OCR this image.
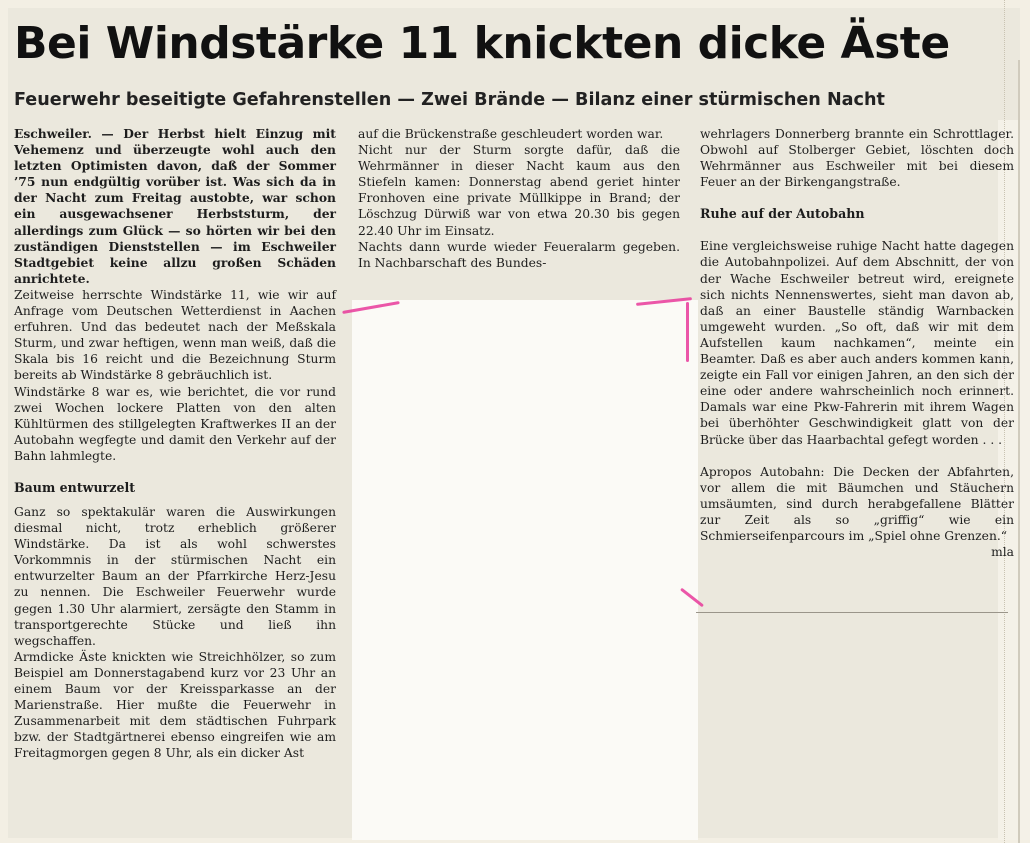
Bei Windstärke 11 knickten dicke Äste
Feuerwehr beseitigte Gefahrenstellen — Zwei Brände — Bilanz einer stürmischen Nacht

Eschweiler. — Der Herbst hielt Einzug mit Vehemenz und überzeugte wohl auch den letzten Optimisten davon, daß der Sommer ’75 nun endgültig vorüber ist. Was sich da in der Nacht zum Freitag austobte, war schon ein ausgewachsener Herbststurm, der allerdings zum Glück — so hörten wir bei den zuständigen Dienststellen — im Eschweiler Stadtgebiet keine allzu großen Schäden anrichtete.

Zeitweise herrschte Windstärke 11, wie wir auf Anfrage vom Deutschen Wetterdienst in Aachen erfuhren. Und das bedeutet nach der Meßskala Sturm, und zwar heftigen, wenn man weiß, daß die Skala bis 16 reicht und die Bezeichnung Sturm bereits ab Windstärke 8 gebräuchlich ist.

Windstärke 8 war es, wie berichtet, die vor rund zwei Wochen lockere Platten von den alten Kühltürmen des stillgelegten Kraftwerkes II an der Autobahn wegfegte und damit den Verkehr auf der Bahn lahmlegte.

Baum entwurzelt

Ganz so spektakulär waren die Auswirkungen diesmal nicht, trotz erheblich größerer Windstärke. Da ist als wohl schwerstes Vorkommnis in der stürmischen Nacht ein entwurzelter Baum an der Pfarrkirche Herz-Jesu zu nennen. Die Eschweiler Feuerwehr wurde gegen 1.30 Uhr alarmiert, zersägte den Stamm in transportgerechte Stücke und ließ ihn wegschaffen.

Armdicke Äste knickten wie Streichhölzer, so zum Beispiel am Donnerstagabend kurz vor 23 Uhr an einem Baum vor der Kreissparkasse an der Marienstraße. Hier mußte die Feuerwehr in Zusammenarbeit mit dem städtischen Fuhrpark bzw. der Stadtgärtnerei ebenso eingreifen wie am Freitagmorgen gegen 8 Uhr, als ein dicker Ast

auf die Brückenstraße geschleudert worden war.

Nicht nur der Sturm sorgte dafür, daß die Wehrmänner in dieser Nacht kaum aus den Stiefeln kamen: Donnerstag abend geriet hinter Fronhoven eine private Müllkippe in Brand; der Löschzug Dürwiß war von etwa 20.30 bis gegen 22.40 Uhr im Einsatz.

Nachts dann wurde wieder Feueralarm gegeben. In Nachbarschaft des Bundes-

wehrlagers Donnerberg brannte ein Schrottlager. Obwohl auf Stolberger Gebiet, löschten doch Wehrmänner aus Eschweiler mit bei diesem Feuer an der Birkengangstraße.

Ruhe auf der Autobahn

Eine vergleichsweise ruhige Nacht hatte dagegen die Autobahnpolizei. Auf dem Abschnitt, der von der Wache Eschweiler betreut wird, ereignete sich nichts Nennenswertes, sieht man davon ab, daß an einer Baustelle ständig Warnbacken umgeweht wurden. „So oft, daß wir mit dem Aufstellen kaum nachkamen“, meinte ein Beamter. Daß es aber auch anders kommen kann, zeigte ein Fall vor einigen Jahren, an den sich der eine oder andere wahrscheinlich noch erinnert. Damals war eine Pkw-Fahrerin mit ihrem Wagen bei überhöhter Geschwindigkeit glatt von der Brücke über das Haarbachtal gefegt worden . . .

Apropos Autobahn: Die Decken der Abfahrten, vor allem die mit Bäumchen und Stäuchern umsäumten, sind durch herabgefallene Blätter zur Zeit als so „griffig“ wie ein Schmierseifenparcours im „Spiel ohne Grenzen.“

mla
